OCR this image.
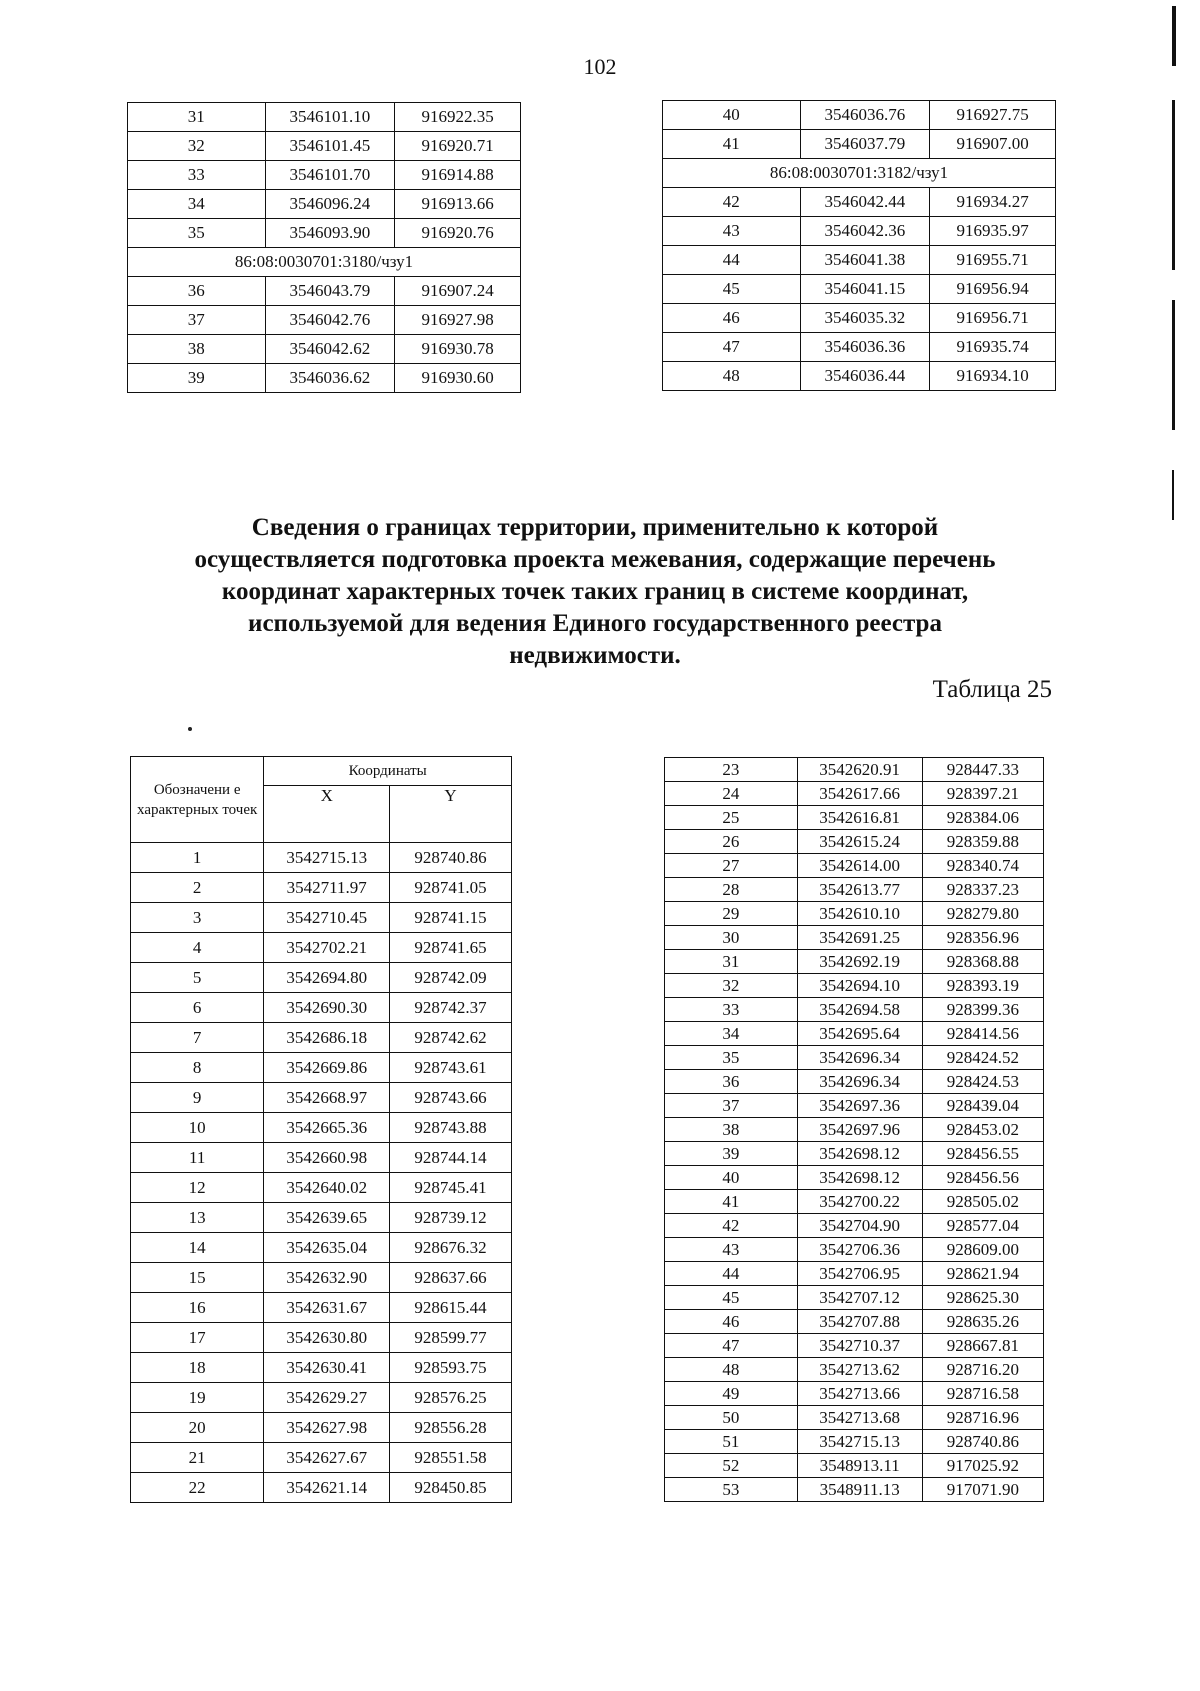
102
31	3546101.10	916922.35
32	3546101.45	916920.71
33	3546101.70	916914.88
34	3546096.24	916913.66
35	3546093.90	916920.76
86:08:0030701:3180/чзу1		
36	3546043.79	916907.24
37	3546042.76	916927.98
38	3546042.62	916930.78
39	3546036.62	916930.60
40	3546036.76	916927.75
41	3546037.79	916907.00
86:08:0030701:3182/чзу1		
42	3546042.44	916934.27
43	3546042.36	916935.97
44	3546041.38	916955.71
45	3546041.15	916956.94
46	3546035.32	916956.71
47	3546036.36	916935.74
48	3546036.44	916934.10
Сведения о границах территории, применительно к которой
осуществляется подготовка проекта межевания, содержащие перечень
координат характерных точек таких границ в системе координат,
используемой для ведения Единого государственного реестра
недвижимости.
Таблица 25
Обозначени е характерных точек	Координаты	
	X	Y
1	3542715.13	928740.86
2	3542711.97	928741.05
3	3542710.45	928741.15
4	3542702.21	928741.65
5	3542694.80	928742.09
6	3542690.30	928742.37
7	3542686.18	928742.62
8	3542669.86	928743.61
9	3542668.97	928743.66
10	3542665.36	928743.88
11	3542660.98	928744.14
12	3542640.02	928745.41
13	3542639.65	928739.12
14	3542635.04	928676.32
15	3542632.90	928637.66
16	3542631.67	928615.44
17	3542630.80	928599.77
18	3542630.41	928593.75
19	3542629.27	928576.25
20	3542627.98	928556.28
21	3542627.67	928551.58
22	3542621.14	928450.85
23	3542620.91	928447.33
24	3542617.66	928397.21
25	3542616.81	928384.06
26	3542615.24	928359.88
27	3542614.00	928340.74
28	3542613.77	928337.23
29	3542610.10	928279.80
30	3542691.25	928356.96
31	3542692.19	928368.88
32	3542694.10	928393.19
33	3542694.58	928399.36
34	3542695.64	928414.56
35	3542696.34	928424.52
36	3542696.34	928424.53
37	3542697.36	928439.04
38	3542697.96	928453.02
39	3542698.12	928456.55
40	3542698.12	928456.56
41	3542700.22	928505.02
42	3542704.90	928577.04
43	3542706.36	928609.00
44	3542706.95	928621.94
45	3542707.12	928625.30
46	3542707.88	928635.26
47	3542710.37	928667.81
48	3542713.62	928716.20
49	3542713.66	928716.58
50	3542713.68	928716.96
51	3542715.13	928740.86
52	3548913.11	917025.92
53	3548911.13	917071.90
